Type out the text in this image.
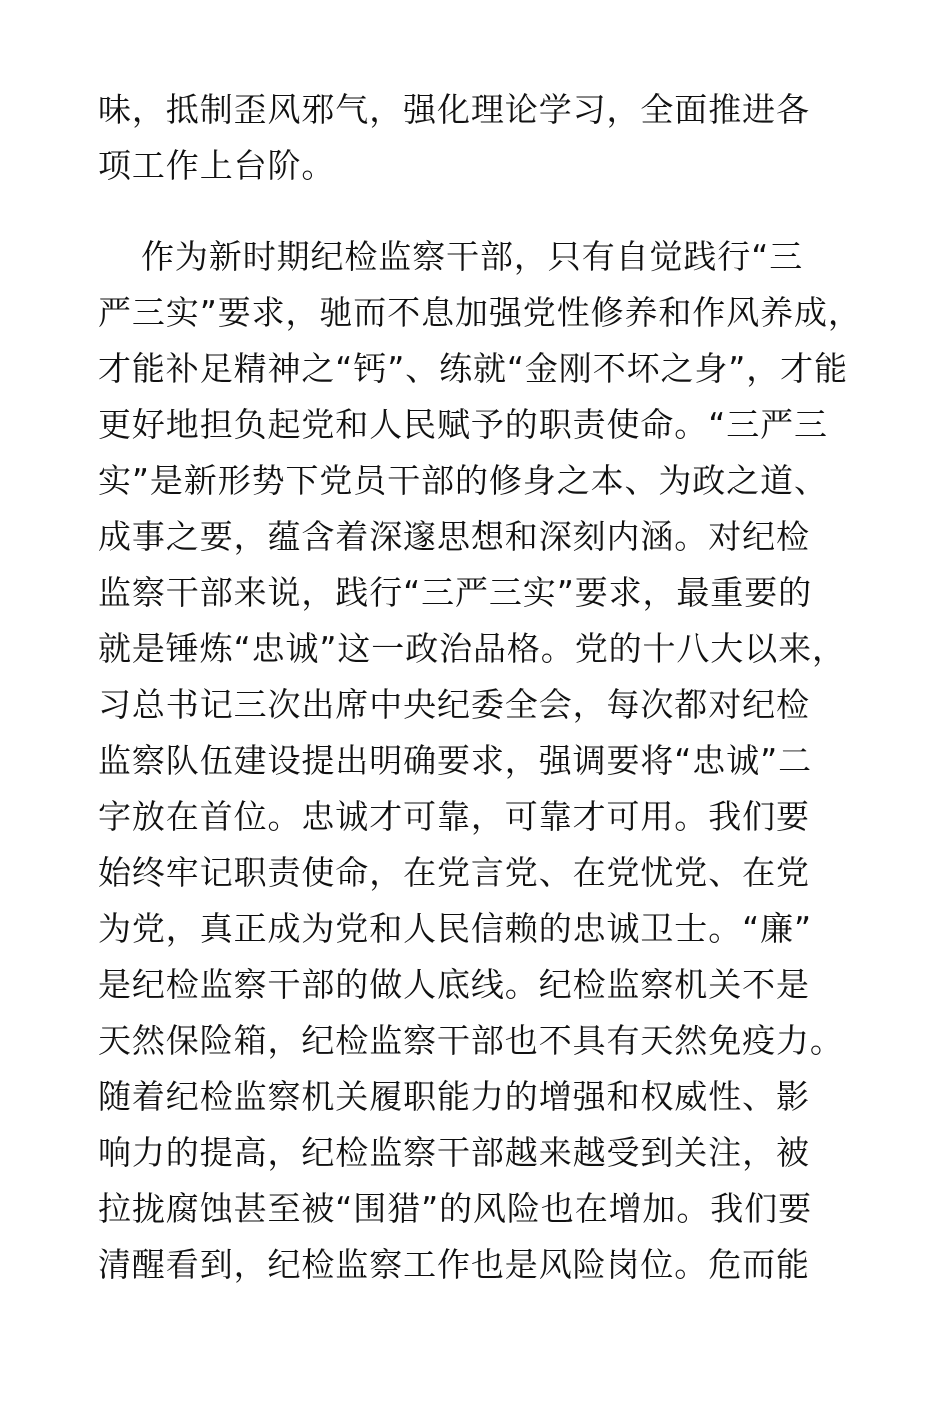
味，抵制歪风邪气，强化理论学习，全面推进各
项工作上台阶。
作为新时期纪检监察干部，只有自觉践行“三
严三实”要求，驰而不息加强党性修养和作风养成，
才能补足精神之“钙”、练就“金刚不坏之身”，才能
更好地担负起党和人民赋予的职责使命。“三严三
实”是新形势下党员干部的修身之本、为政之道、
成事之要，蕴含着深邃思想和深刻内涵。对纪检
监察干部来说，践行“三严三实”要求，最重要的
就是锤炼“忠诚”这一政治品格。党的十八大以来，
习总书记三次出席中央纪委全会，每次都对纪检
监察队伍建设提出明确要求，强调要将“忠诚”二
字放在首位。忠诚才可靠，可靠才可用。我们要
始终牢记职责使命，在党言党、在党忧党、在党
为党，真正成为党和人民信赖的忠诚卫士。“廉”
是纪检监察干部的做人底线。纪检监察机关不是
天然保险箱，纪检监察干部也不具有天然免疫力。
随着纪检监察机关履职能力的增强和权威性、影
响力的提高，纪检监察干部越来越受到关注，被
拉拢腐蚀甚至被“围猎”的风险也在增加。我们要
清醒看到，纪检监察工作也是风险岗位。危而能
